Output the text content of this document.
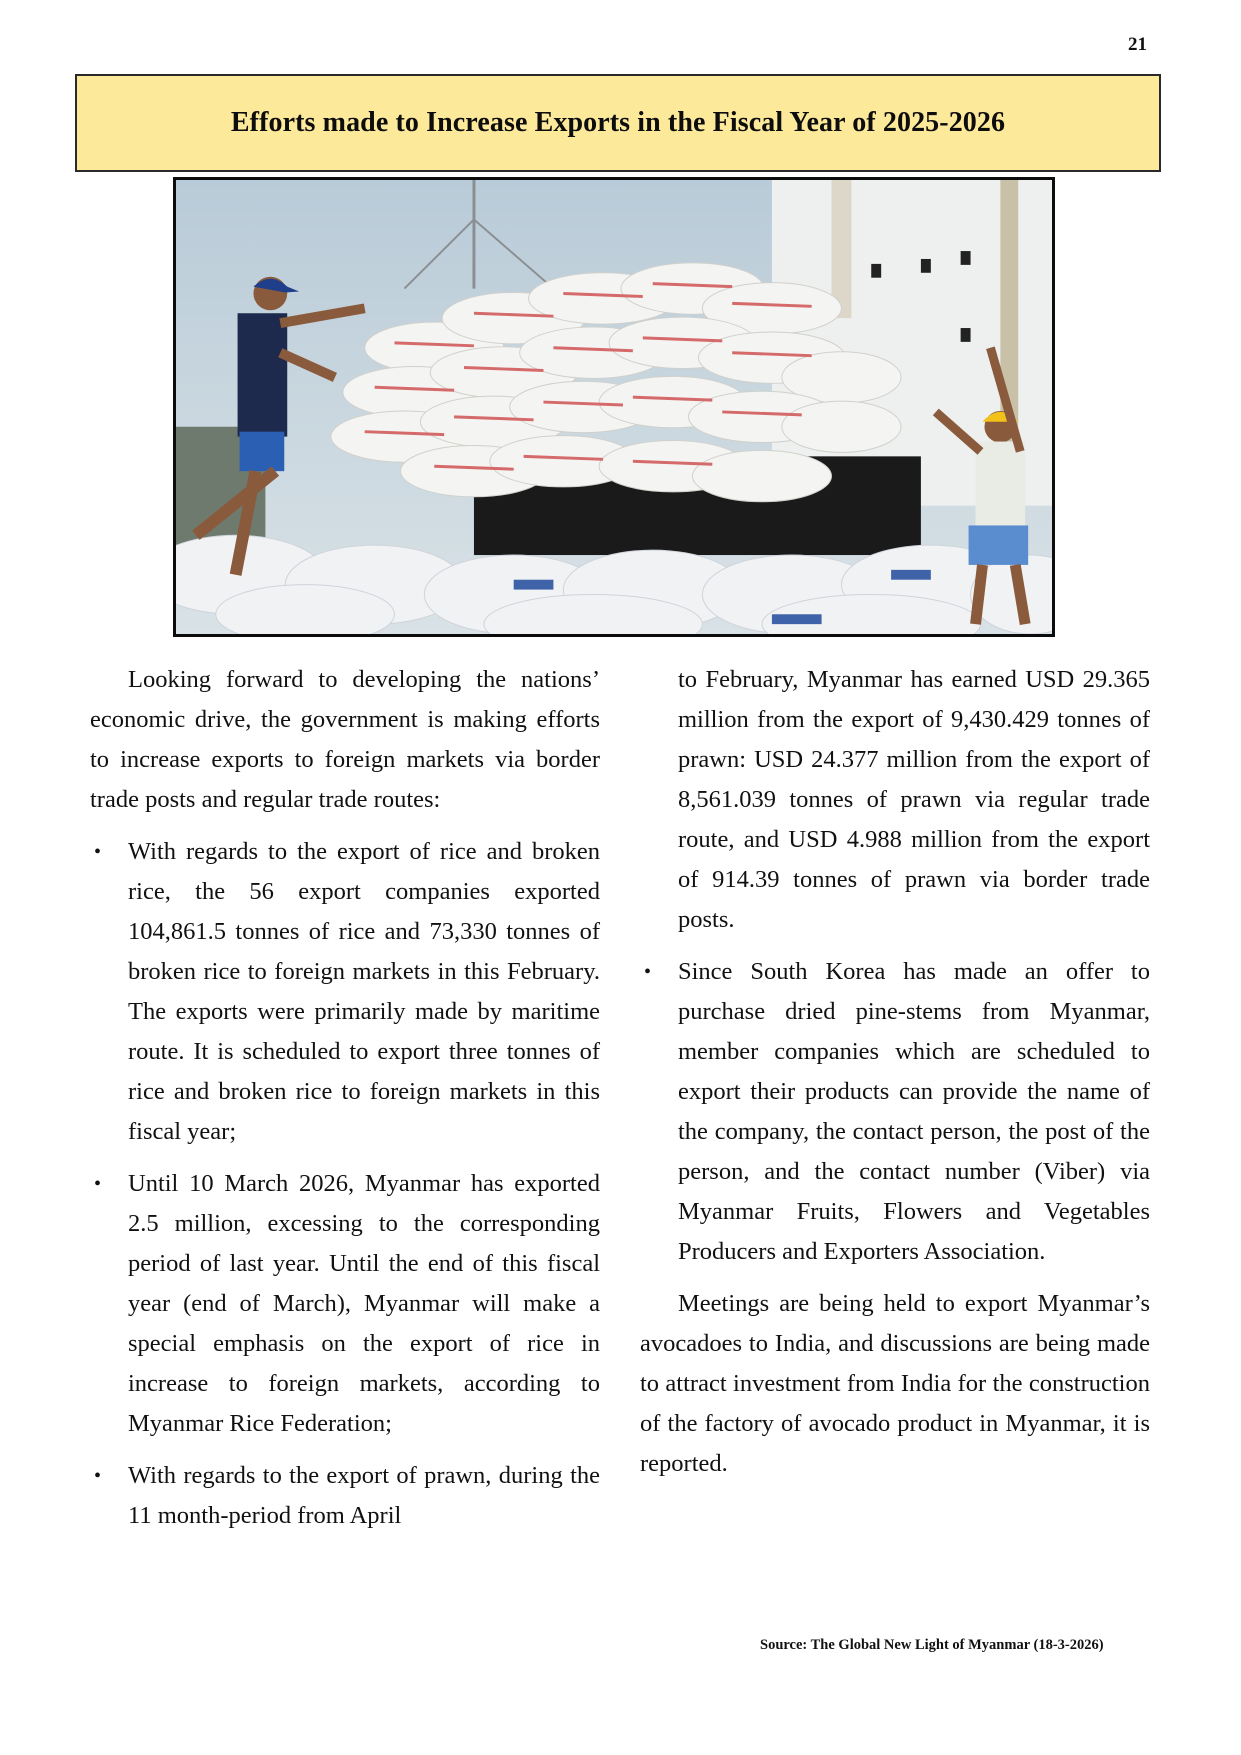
21
Efforts made to Increase Exports in the Fiscal Year of 2025-2026

Looking forward to developing the nations’ economic drive, the government is making efforts to increase exports to foreign markets via border trade posts and regular trade routes:

• With regards to the export of rice and broken rice, the 56 export companies exported 104,861.5 tonnes of rice and 73,330 tonnes of broken rice to foreign markets in this February. The exports were primarily made by maritime route. It is scheduled to export three tonnes of rice and broken rice to foreign markets in this fiscal year;
• Until 10 March 2026, Myanmar has exported 2.5 million, excessing to the corresponding period of last year. Until the end of this fiscal year (end of March), Myanmar will make a special emphasis on the export of rice in increase to foreign markets, according to Myanmar Rice Federation;
• With regards to the export of prawn, during the 11 month-period from April
to February, Myanmar has earned USD 29.365 million from the export of 9,430.429 tonnes of prawn: USD 24.377 million from the export of 8,561.039 tonnes of prawn via regular trade route, and USD 4.988 million from the export of 914.39 tonnes of prawn via border trade posts.
• Since South Korea has made an offer to purchase dried pine-stems from Myanmar, member companies which are scheduled to export their products can provide the name of the company, the contact person, the post of the person, and the contact number (Viber) via Myanmar Fruits, Flowers and Vegetables Producers and Exporters Association.

Meetings are being held to export Myanmar’s avocadoes to India, and discussions are being made to attract investment from India for the construction of the factory of avocado product in Myanmar, it is reported.

Source: The Global New Light of Myanmar (18-3-2026)
